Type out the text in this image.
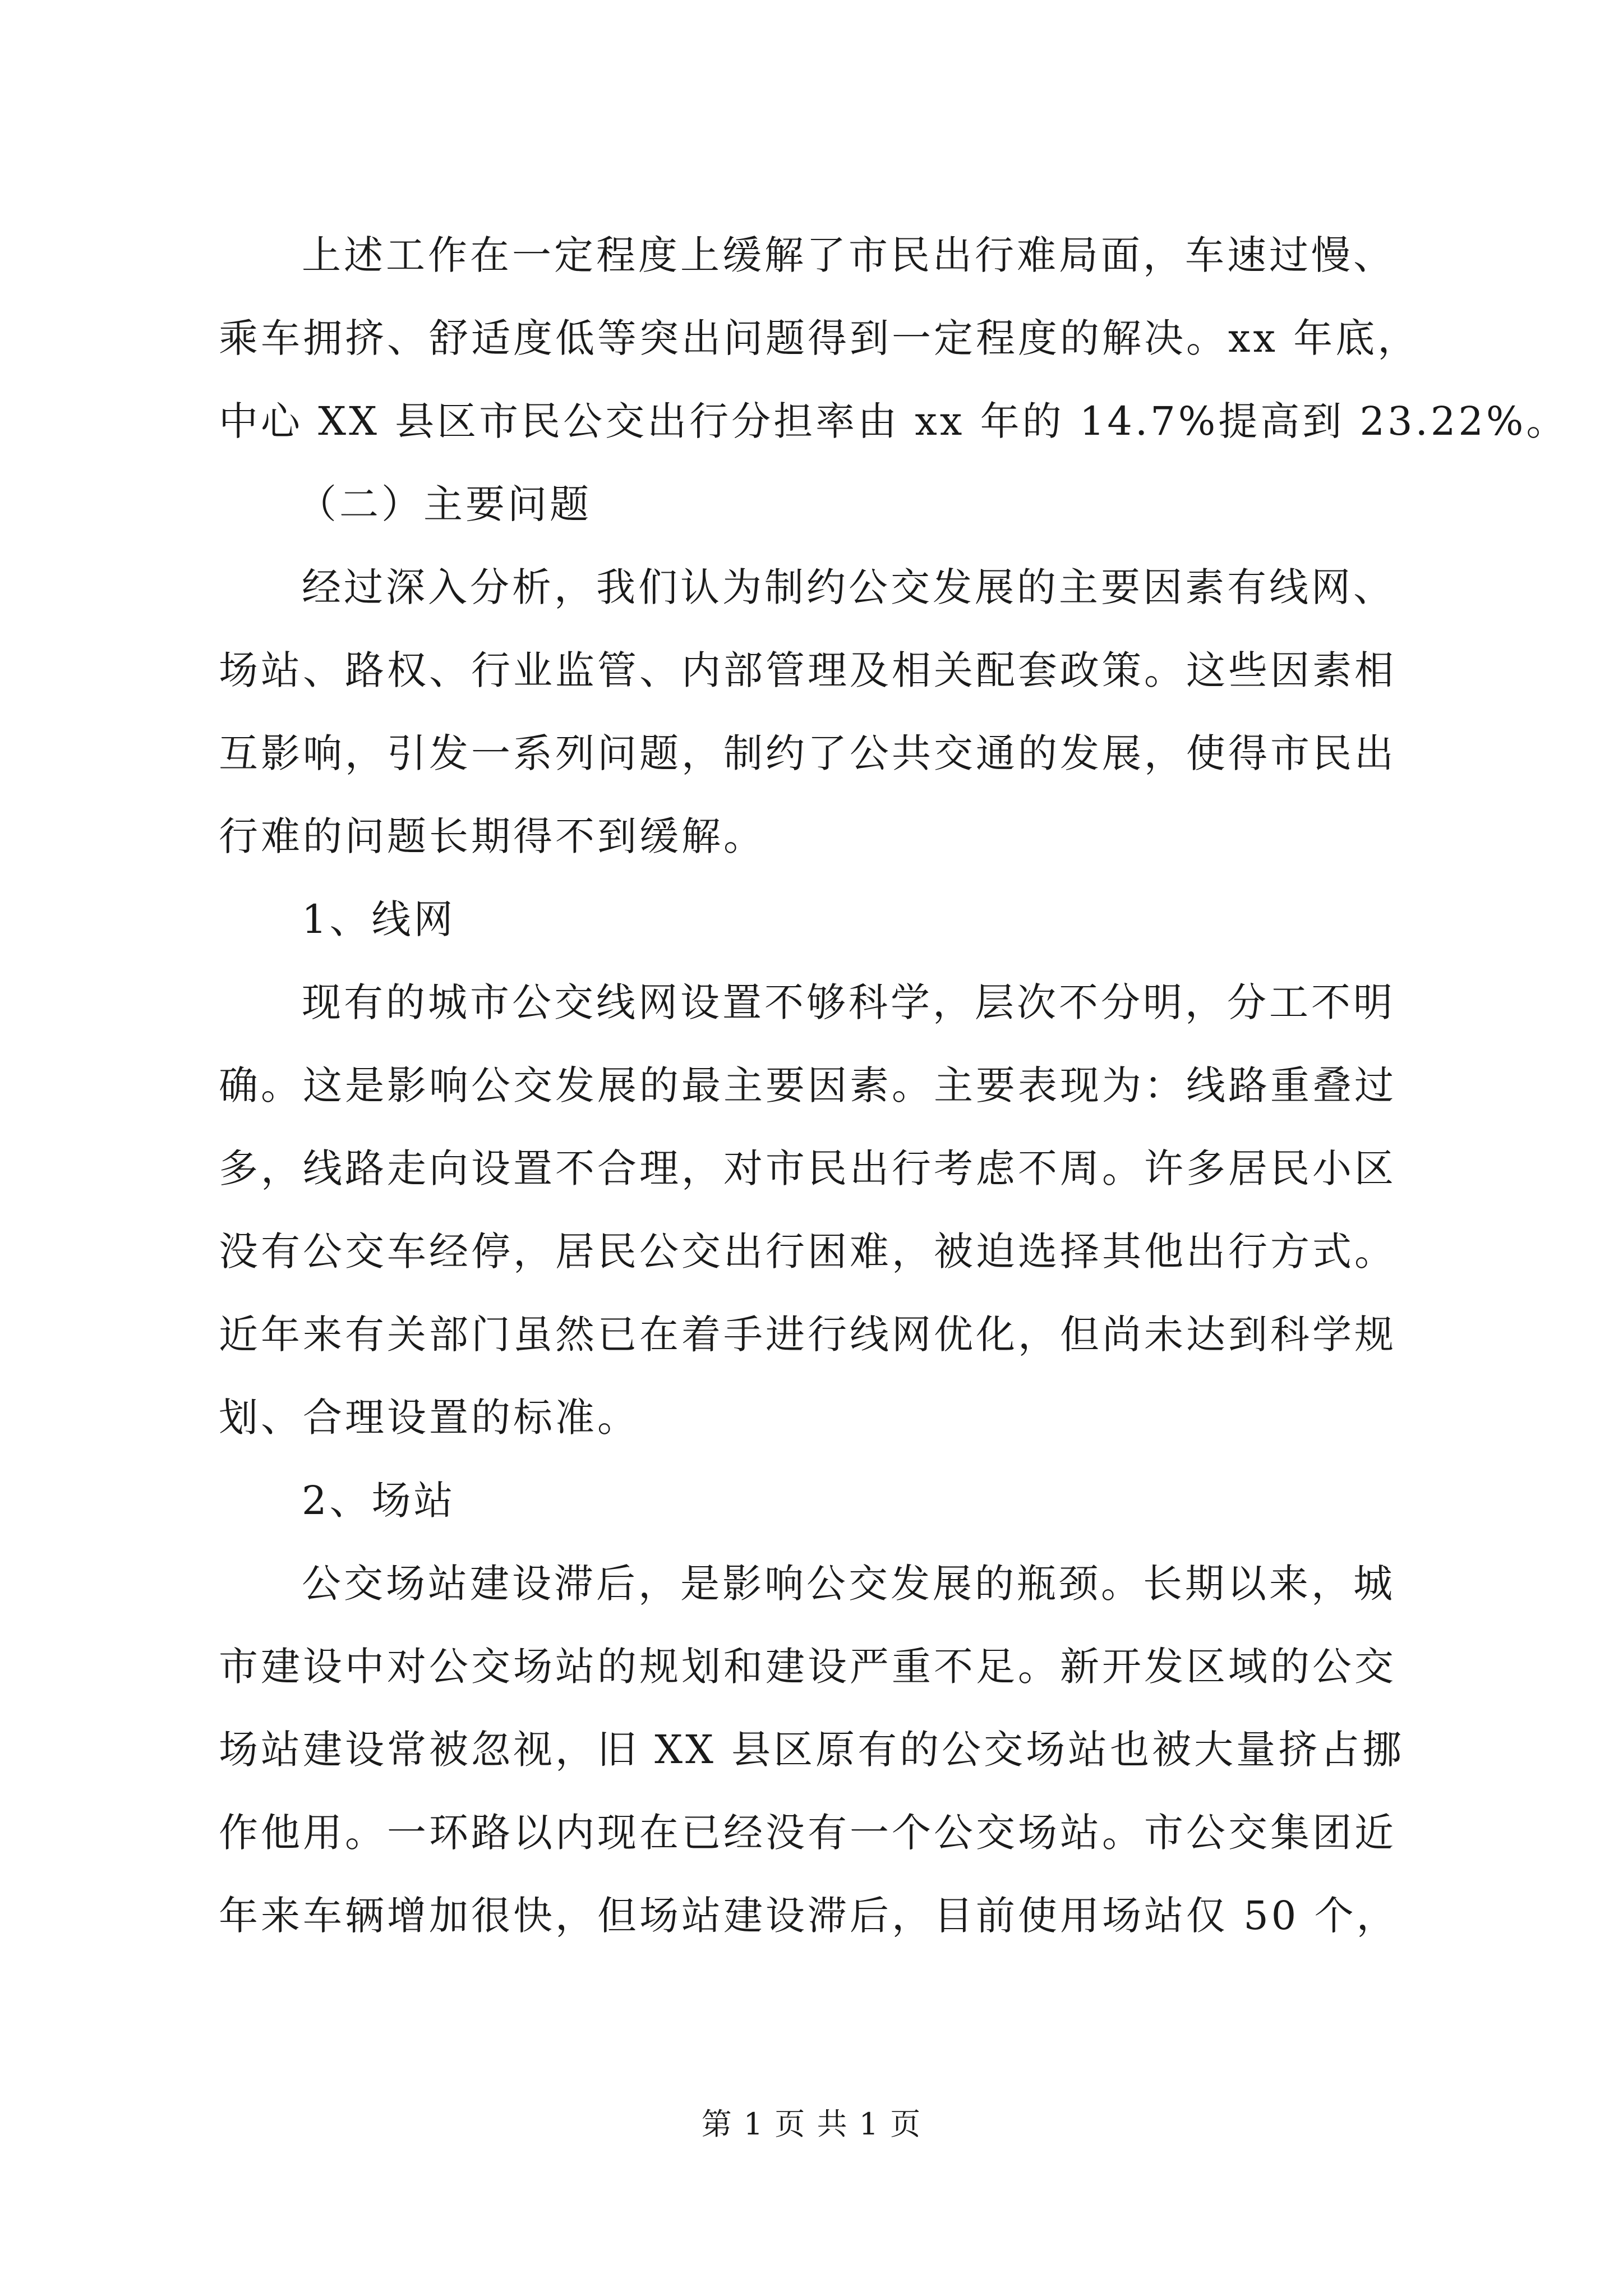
上述工作在一定程度上缓解了市民出行难局面，车速过慢、
乘车拥挤、舒适度低等突出问题得到一定程度的解决。xx 年底，
中心 XX 县区市民公交出行分担率由 xx 年的 14.7%提高到 23.22%。
（二）主要问题
经过深入分析，我们认为制约公交发展的主要因素有线网、
场站、路权、行业监管、内部管理及相关配套政策。这些因素相
互影响，引发一系列问题，制约了公共交通的发展，使得市民出
行难的问题长期得不到缓解。
1、线网
现有的城市公交线网设置不够科学，层次不分明，分工不明
确。这是影响公交发展的最主要因素。主要表现为：线路重叠过
多，线路走向设置不合理，对市民出行考虑不周。许多居民小区
没有公交车经停，居民公交出行困难，被迫选择其他出行方式。
近年来有关部门虽然已在着手进行线网优化，但尚未达到科学规
划、合理设置的标准。
2、场站
公交场站建设滞后，是影响公交发展的瓶颈。长期以来，城
市建设中对公交场站的规划和建设严重不足。新开发区域的公交
场站建设常被忽视，旧 XX 县区原有的公交场站也被大量挤占挪
作他用。一环路以内现在已经没有一个公交场站。市公交集团近
年来车辆增加很快，但场站建设滞后，目前使用场站仅 50 个，
第 1 页 共 1 页
